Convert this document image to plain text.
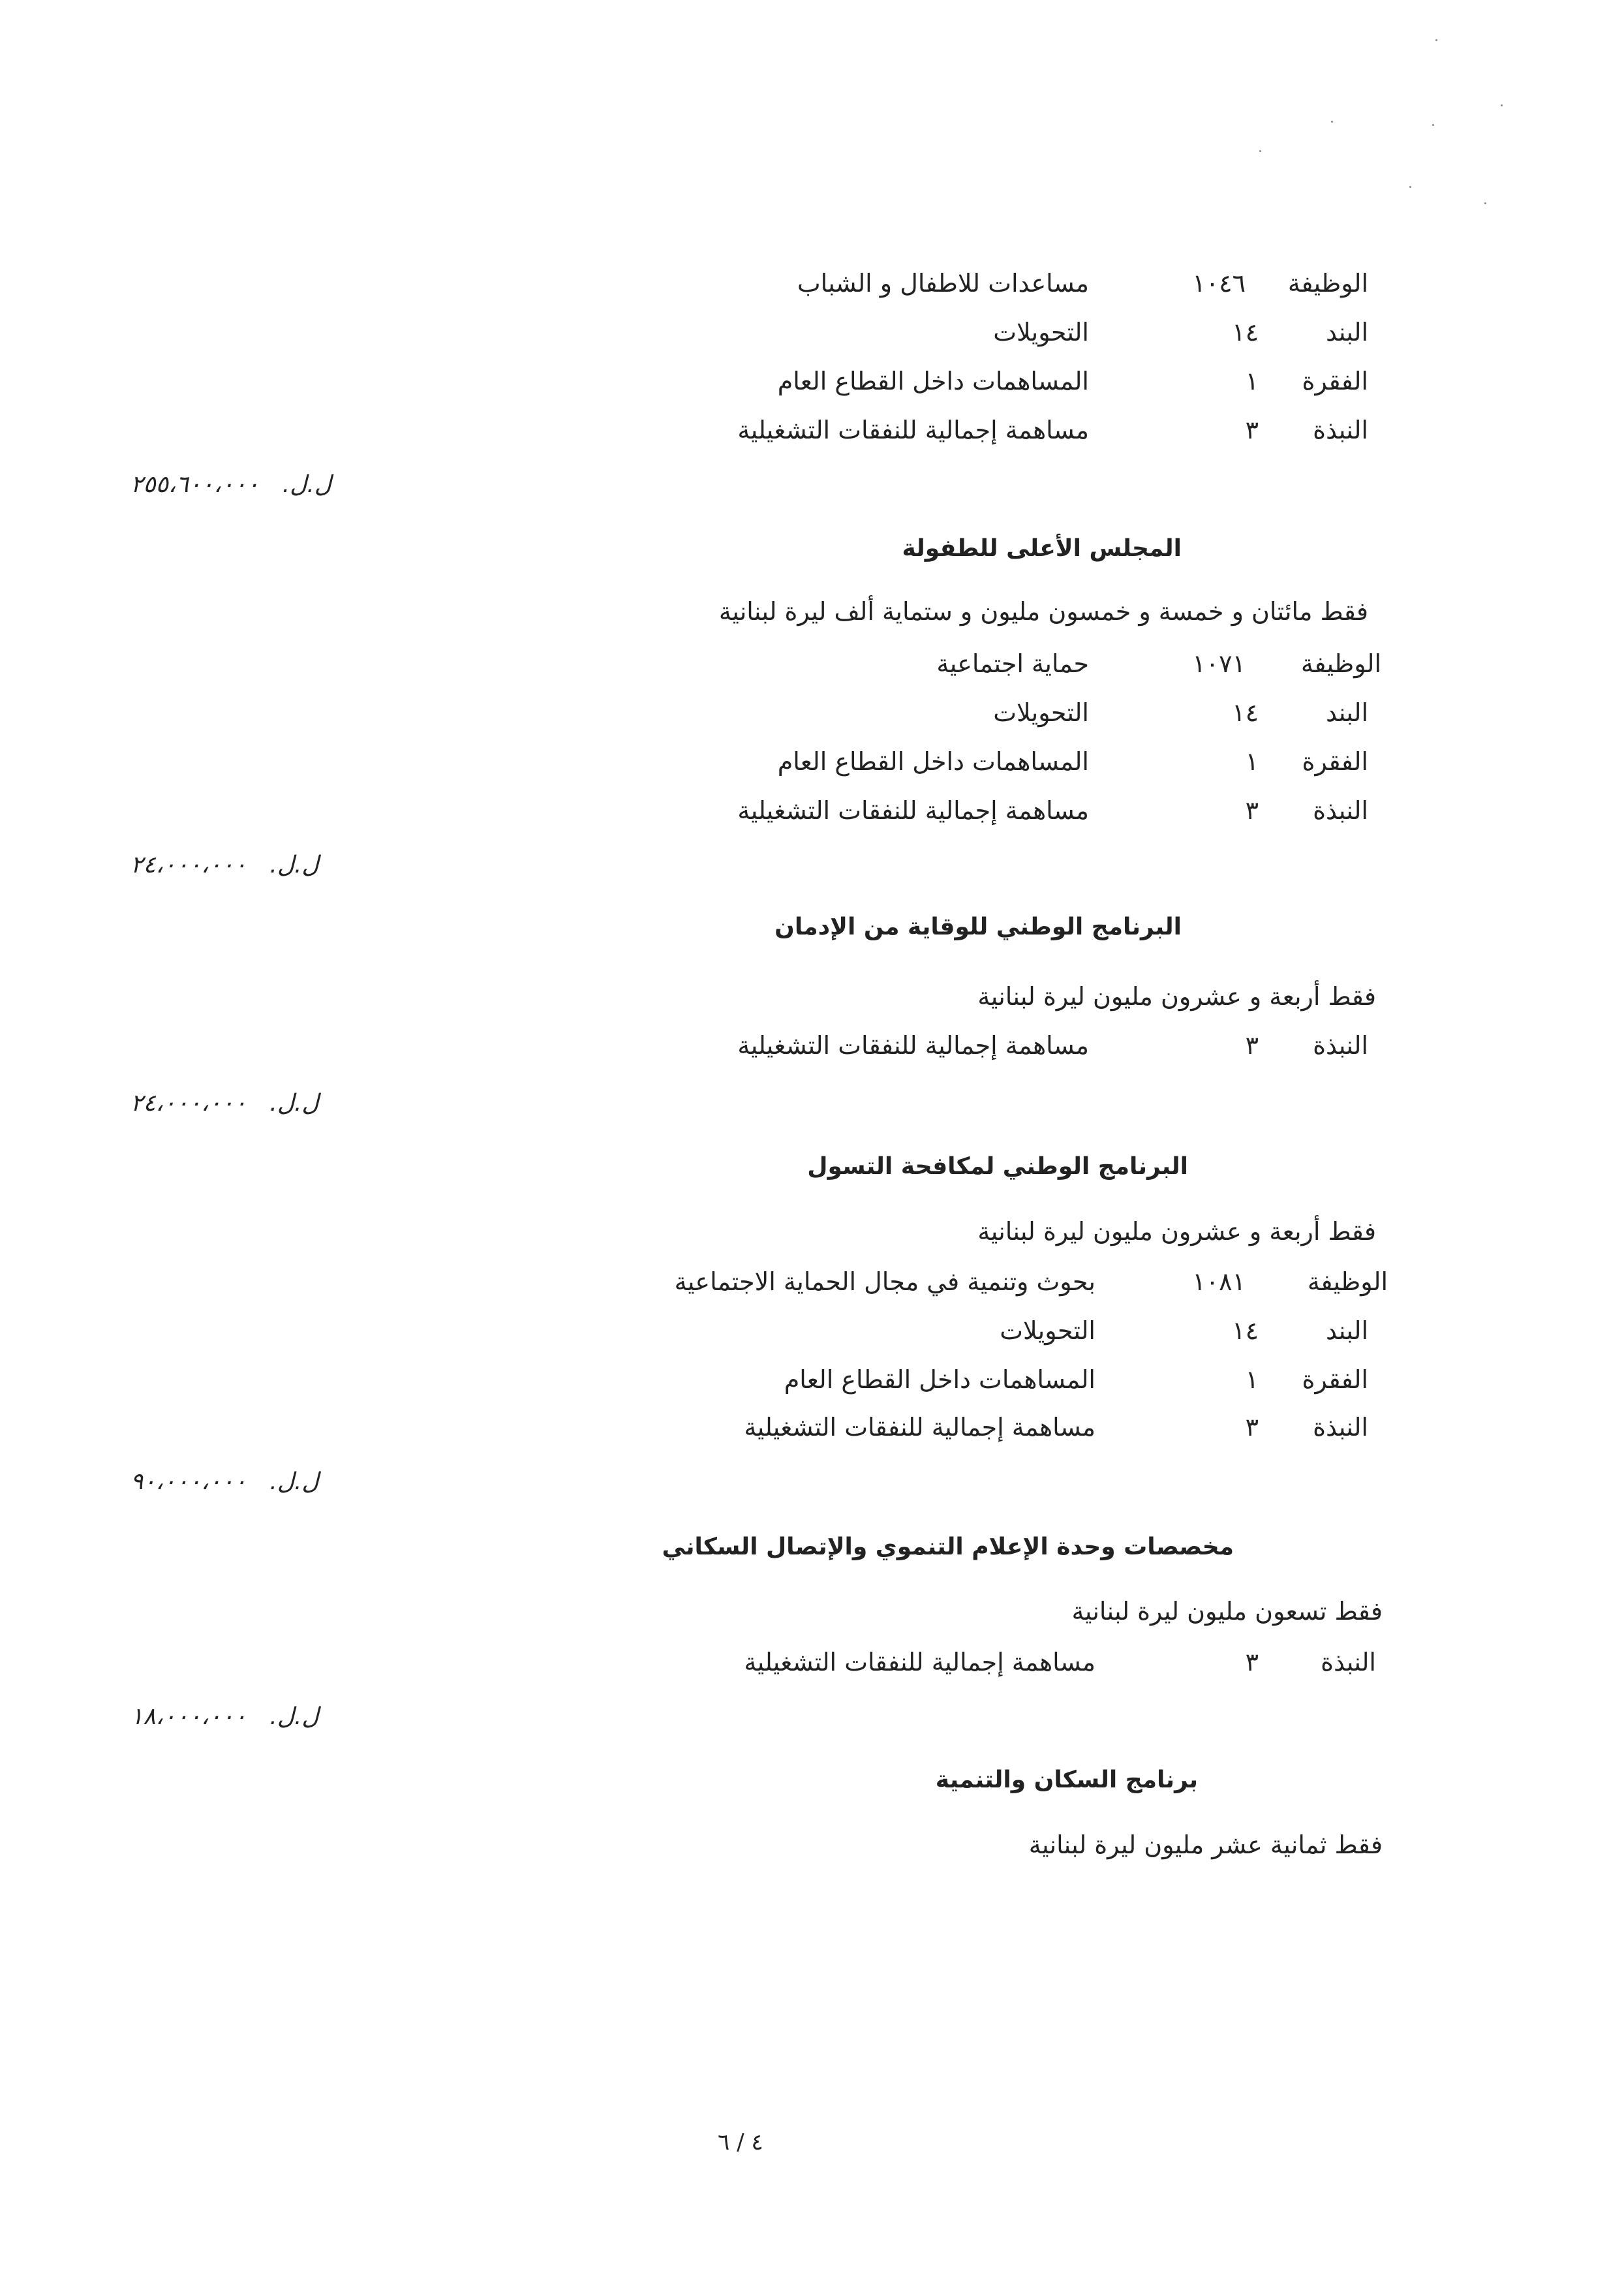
الوظيفة
١٠٤٦
مساعدات للاطفال و الشباب
البند
١٤
التحويلات
الفقرة
١
المساهمات داخل القطاع العام
النبذة
٣
مساهمة إجمالية للنفقات التشغيلية
ل.ل. ٢٥٥،٦٠٠،٠٠٠
المجلس الأعلى للطفولة
فقط مائتان و خمسة و خمسون مليون و ستماية ألف ليرة لبنانية
الوظيفة
١٠٧١
حماية اجتماعية
البند
١٤
التحويلات
الفقرة
١
المساهمات داخل القطاع العام
النبذة
٣
مساهمة إجمالية للنفقات التشغيلية
ل.ل. ٢٤،٠٠٠،٠٠٠
البرنامج الوطني للوقاية من الإدمان
فقط أربعة و عشرون مليون ليرة لبنانية
النبذة
٣
مساهمة إجمالية للنفقات التشغيلية
ل.ل. ٢٤،٠٠٠،٠٠٠
البرنامج الوطني لمكافحة التسول
فقط أربعة و عشرون مليون ليرة لبنانية
الوظيفة
١٠٨١
بحوث وتنمية في مجال الحماية الاجتماعية
البند
١٤
التحويلات
الفقرة
١
المساهمات داخل القطاع العام
النبذة
٣
مساهمة إجمالية للنفقات التشغيلية
ل.ل. ٩٠،٠٠٠،٠٠٠
مخصصات وحدة الإعلام التنموي والإتصال السكاني
فقط تسعون مليون ليرة لبنانية
النبذة
٣
مساهمة إجمالية للنفقات التشغيلية
ل.ل. ١٨،٠٠٠،٠٠٠
برنامج السكان والتنمية
فقط ثمانية عشر مليون ليرة لبنانية
٤ / ٦
